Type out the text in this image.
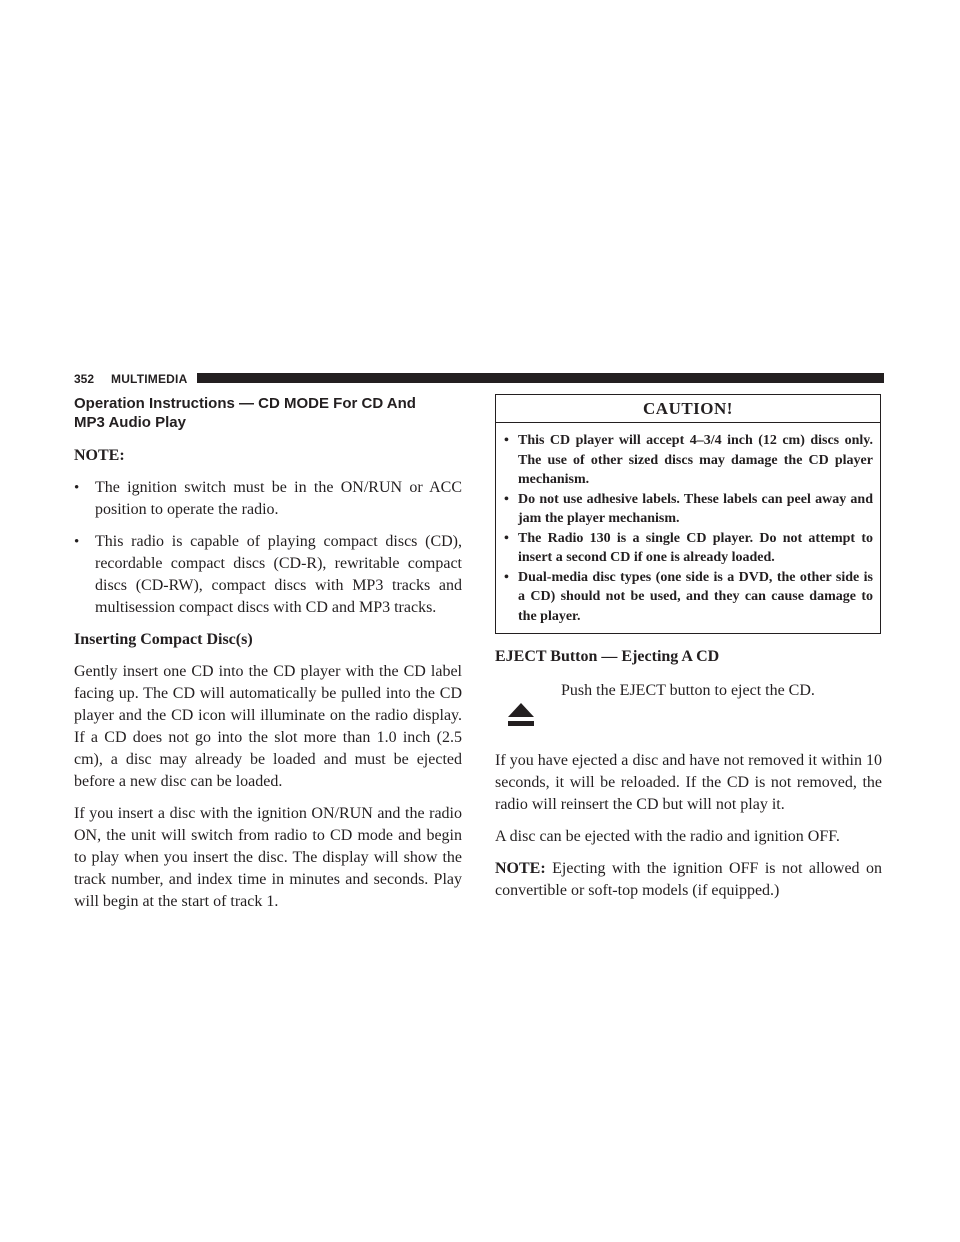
352 MULTIMEDIA
Operation Instructions — CD MODE For CD And MP3 Audio Play

NOTE:

• The ignition switch must be in the ON/RUN or ACC position to operate the radio.
• This radio is capable of playing compact discs (CD), recordable compact discs (CD-R), rewritable compact discs (CD-RW), compact discs with MP3 tracks and multisession compact discs with CD and MP3 tracks.

Inserting Compact Disc(s)

Gently insert one CD into the CD player with the CD label facing up. The CD will automatically be pulled into the CD player and the CD icon will illuminate on the radio display. If a CD does not go into the slot more than 1.0 inch (2.5 cm), a disc may already be loaded and must be ejected before a new disc can be loaded.

If you insert a disc with the ignition ON/RUN and the radio ON, the unit will switch from radio to CD mode and begin to play when you insert the disc. The display will show the track number, and index time in minutes and seconds. Play will begin at the start of track 1.

CAUTION!
• This CD player will accept 4–3/4 inch (12 cm) discs only. The use of other sized discs may damage the CD player mechanism.
• Do not use adhesive labels. These labels can peel away and jam the player mechanism.
• The Radio 130 is a single CD player. Do not attempt to insert a second CD if one is already loaded.
• Dual-media disc types (one side is a DVD, the other side is a CD) should not be used, and they can cause damage to the player.

EJECT Button — Ejecting A CD

Push the EJECT button to eject the CD.

If you have ejected a disc and have not removed it within 10 seconds, it will be reloaded. If the CD is not removed, the radio will reinsert the CD but will not play it.

A disc can be ejected with the radio and ignition OFF.

NOTE: Ejecting with the ignition OFF is not allowed on convertible or soft-top models (if equipped.)
